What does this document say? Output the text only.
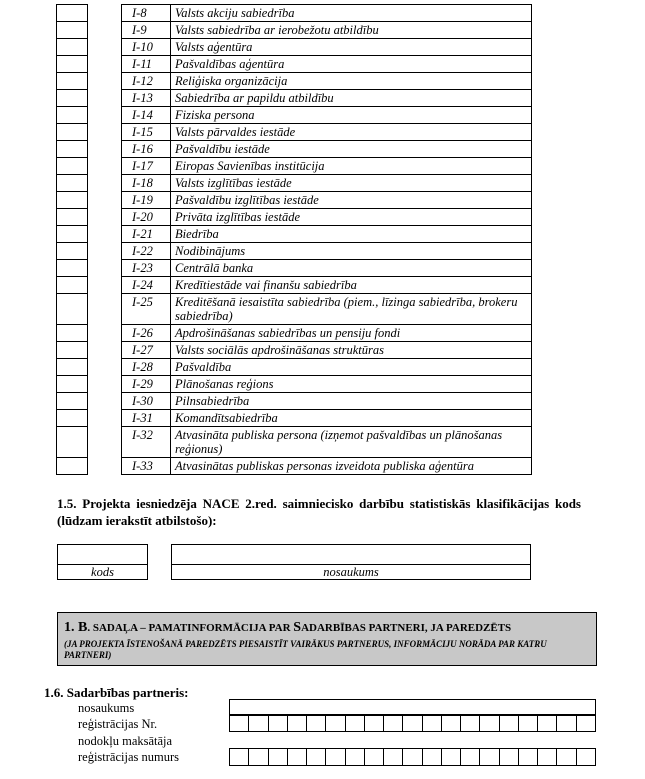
I-8	Valsts akciju sabiedrība
I-9	Valsts sabiedrība ar ierobežotu atbildību
I-10	Valsts aģentūra
I-11	Pašvaldības aģentūra
I-12	Reliģiska organizācija
I-13	Sabiedrība ar papildu atbildību
I-14	Fiziska persona
I-15	Valsts pārvaldes iestāde
I-16	Pašvaldību iestāde
I-17	Eiropas Savienības institūcija
I-18	Valsts izglītības iestāde
I-19	Pašvaldību izglītības iestāde
I-20	Privāta izglītības iestāde
I-21	Biedrība
I-22	Nodibinājums
I-23	Centrālā banka
I-24	Kredītiestāde vai finanšu sabiedrība
I-25	Kreditēšanā iesaistīta sabiedrība (piem., līzinga sabiedrība, brokeru sabiedrība)
I-26	Apdrošināšanas sabiedrības un pensiju fondi
I-27	Valsts sociālās apdrošināšanas struktūras
I-28	Pašvaldība
I-29	Plānošanas reģions
I-30	Pilnsabiedrība
I-31	Komandītsabiedrība
I-32	Atvasināta publiska persona (izņemot pašvaldības un plānošanas reģionus)
I-33	Atvasinātas publiskas personas izveidota publiska aģentūra
1.5. Projekta iesniedzēja NACE 2.red. saimniecisko darbību statistiskās klasifikācijas kods (lūdzam ierakstīt atbilstošo):
kods	nosaukums
1. B. SADAĻA – PAMATINFORMĀCIJA PAR SADARBĪBAS PARTNERI, JA PAREDZĒTS
(JA PROJEKTA ĪSTENOŠANĀ PAREDZĒTS PIESAISTĪT VAIRĀKUS PARTNERUS, INFORMĀCIJU NORĀDA PAR KATRU PARTNERI)
1.6. Sadarbības partneris:
nosaukums
reģistrācijas Nr.
nodokļu maksātāja
reģistrācijas numurs
